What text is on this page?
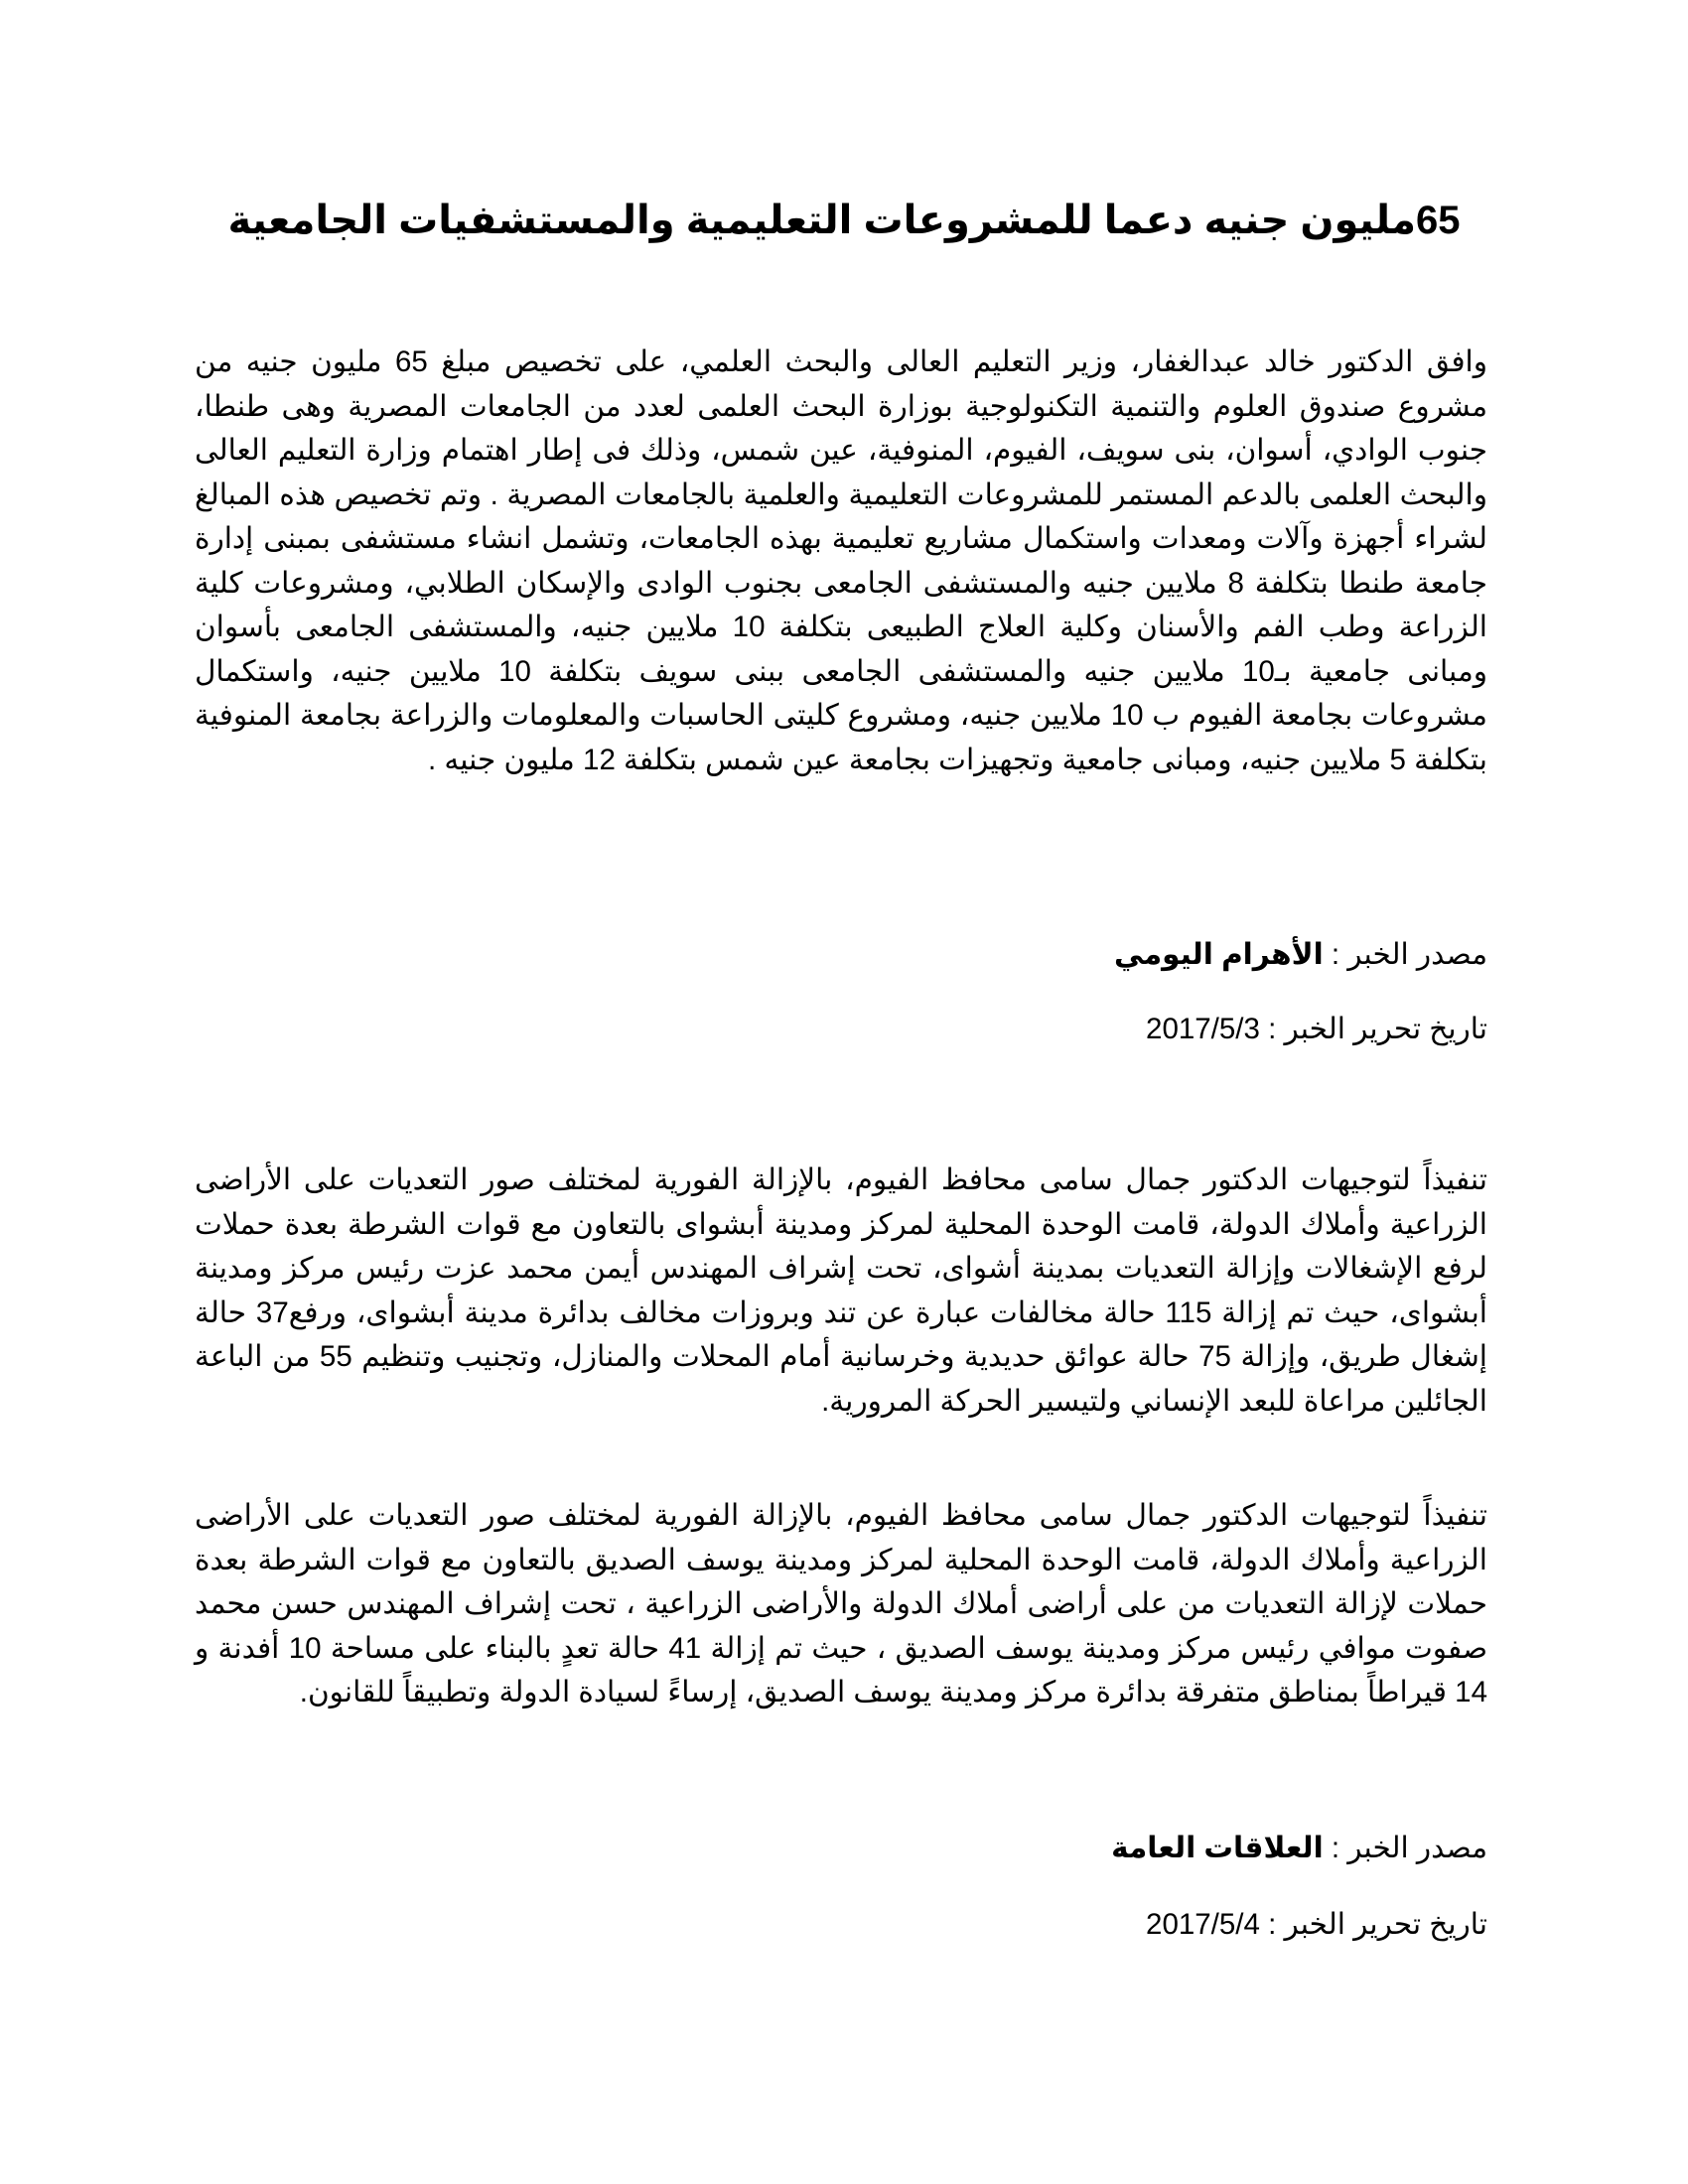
65مليون جنيه دعما للمشروعات التعليمية والمستشفيات الجامعية

وافق الدكتور خالد عبدالغفار، وزير التعليم العالى والبحث العلمي، على تخصيص مبلغ 65 مليون جنيه من مشروع صندوق العلوم والتنمية التكنولوجية بوزارة البحث العلمى لعدد من الجامعات المصرية وهى طنطا، جنوب الوادي، أسوان، بنى سويف، الفيوم، المنوفية، عين شمس، وذلك فى إطار اهتمام وزارة التعليم العالى والبحث العلمى بالدعم المستمر للمشروعات التعليمية والعلمية بالجامعات المصرية . وتم تخصيص هذه المبالغ لشراء أجهزة وآلات ومعدات واستكمال مشاريع تعليمية بهذه الجامعات، وتشمل انشاء مستشفى بمبنى إدارة جامعة طنطا بتكلفة 8 ملايين جنيه والمستشفى الجامعى بجنوب الوادى والإسكان الطلابي، ومشروعات كلية الزراعة وطب الفم والأسنان وكلية العلاج الطبيعى بتكلفة 10 ملايين جنيه، والمستشفى الجامعى بأسوان ومبانى جامعية بـ10 ملايين جنيه والمستشفى الجامعى ببنى سويف بتكلفة 10 ملايين جنيه، واستكمال مشروعات بجامعة الفيوم ب 10 ملايين جنيه، ومشروع كليتى الحاسبات والمعلومات والزراعة بجامعة المنوفية بتكلفة 5 ملايين جنيه، ومبانى جامعية وتجهيزات بجامعة عين شمس بتكلفة 12 مليون جنيه .

مصدر الخبر : الأهرام اليومي

تاريخ تحرير الخبر : 2017/5/3

تنفيذاً لتوجيهات الدكتور جمال سامى محافظ الفيوم، بالإزالة الفورية لمختلف صور التعديات على الأراضى الزراعية وأملاك الدولة، قامت الوحدة المحلية لمركز ومدينة أبشواى بالتعاون مع قوات الشرطة بعدة حملات لرفع الإشغالات وإزالة التعديات بمدينة أشواى، تحت إشراف المهندس أيمن محمد عزت رئيس مركز ومدينة أبشواى، حيث تم إزالة 115 حالة مخالفات عبارة عن تند وبروزات مخالف بدائرة مدينة أبشواى، ورفع37 حالة إشغال طريق، وإزالة 75 حالة عوائق حديدية وخرسانية أمام المحلات والمنازل، وتجنيب وتنظيم 55 من الباعة الجائلين مراعاة للبعد الإنساني ولتيسير الحركة المرورية.

تنفيذاً لتوجيهات الدكتور جمال سامى محافظ الفيوم، بالإزالة الفورية لمختلف صور التعديات على الأراضى الزراعية وأملاك الدولة، قامت الوحدة المحلية لمركز ومدينة يوسف الصديق بالتعاون مع قوات الشرطة بعدة حملات لإزالة التعديات من على أراضى أملاك الدولة والأراضى الزراعية ، تحت إشراف المهندس حسن محمد صفوت موافي رئيس مركز ومدينة يوسف الصديق ، حيث تم إزالة 41 حالة تعدٍ بالبناء على مساحة 10 أفدنة و 14 قيراطاً بمناطق متفرقة بدائرة مركز ومدينة يوسف الصديق، إرساءً لسيادة الدولة وتطبيقاً للقانون.

مصدر الخبر : العلاقات العامة

تاريخ تحرير الخبر : 2017/5/4
